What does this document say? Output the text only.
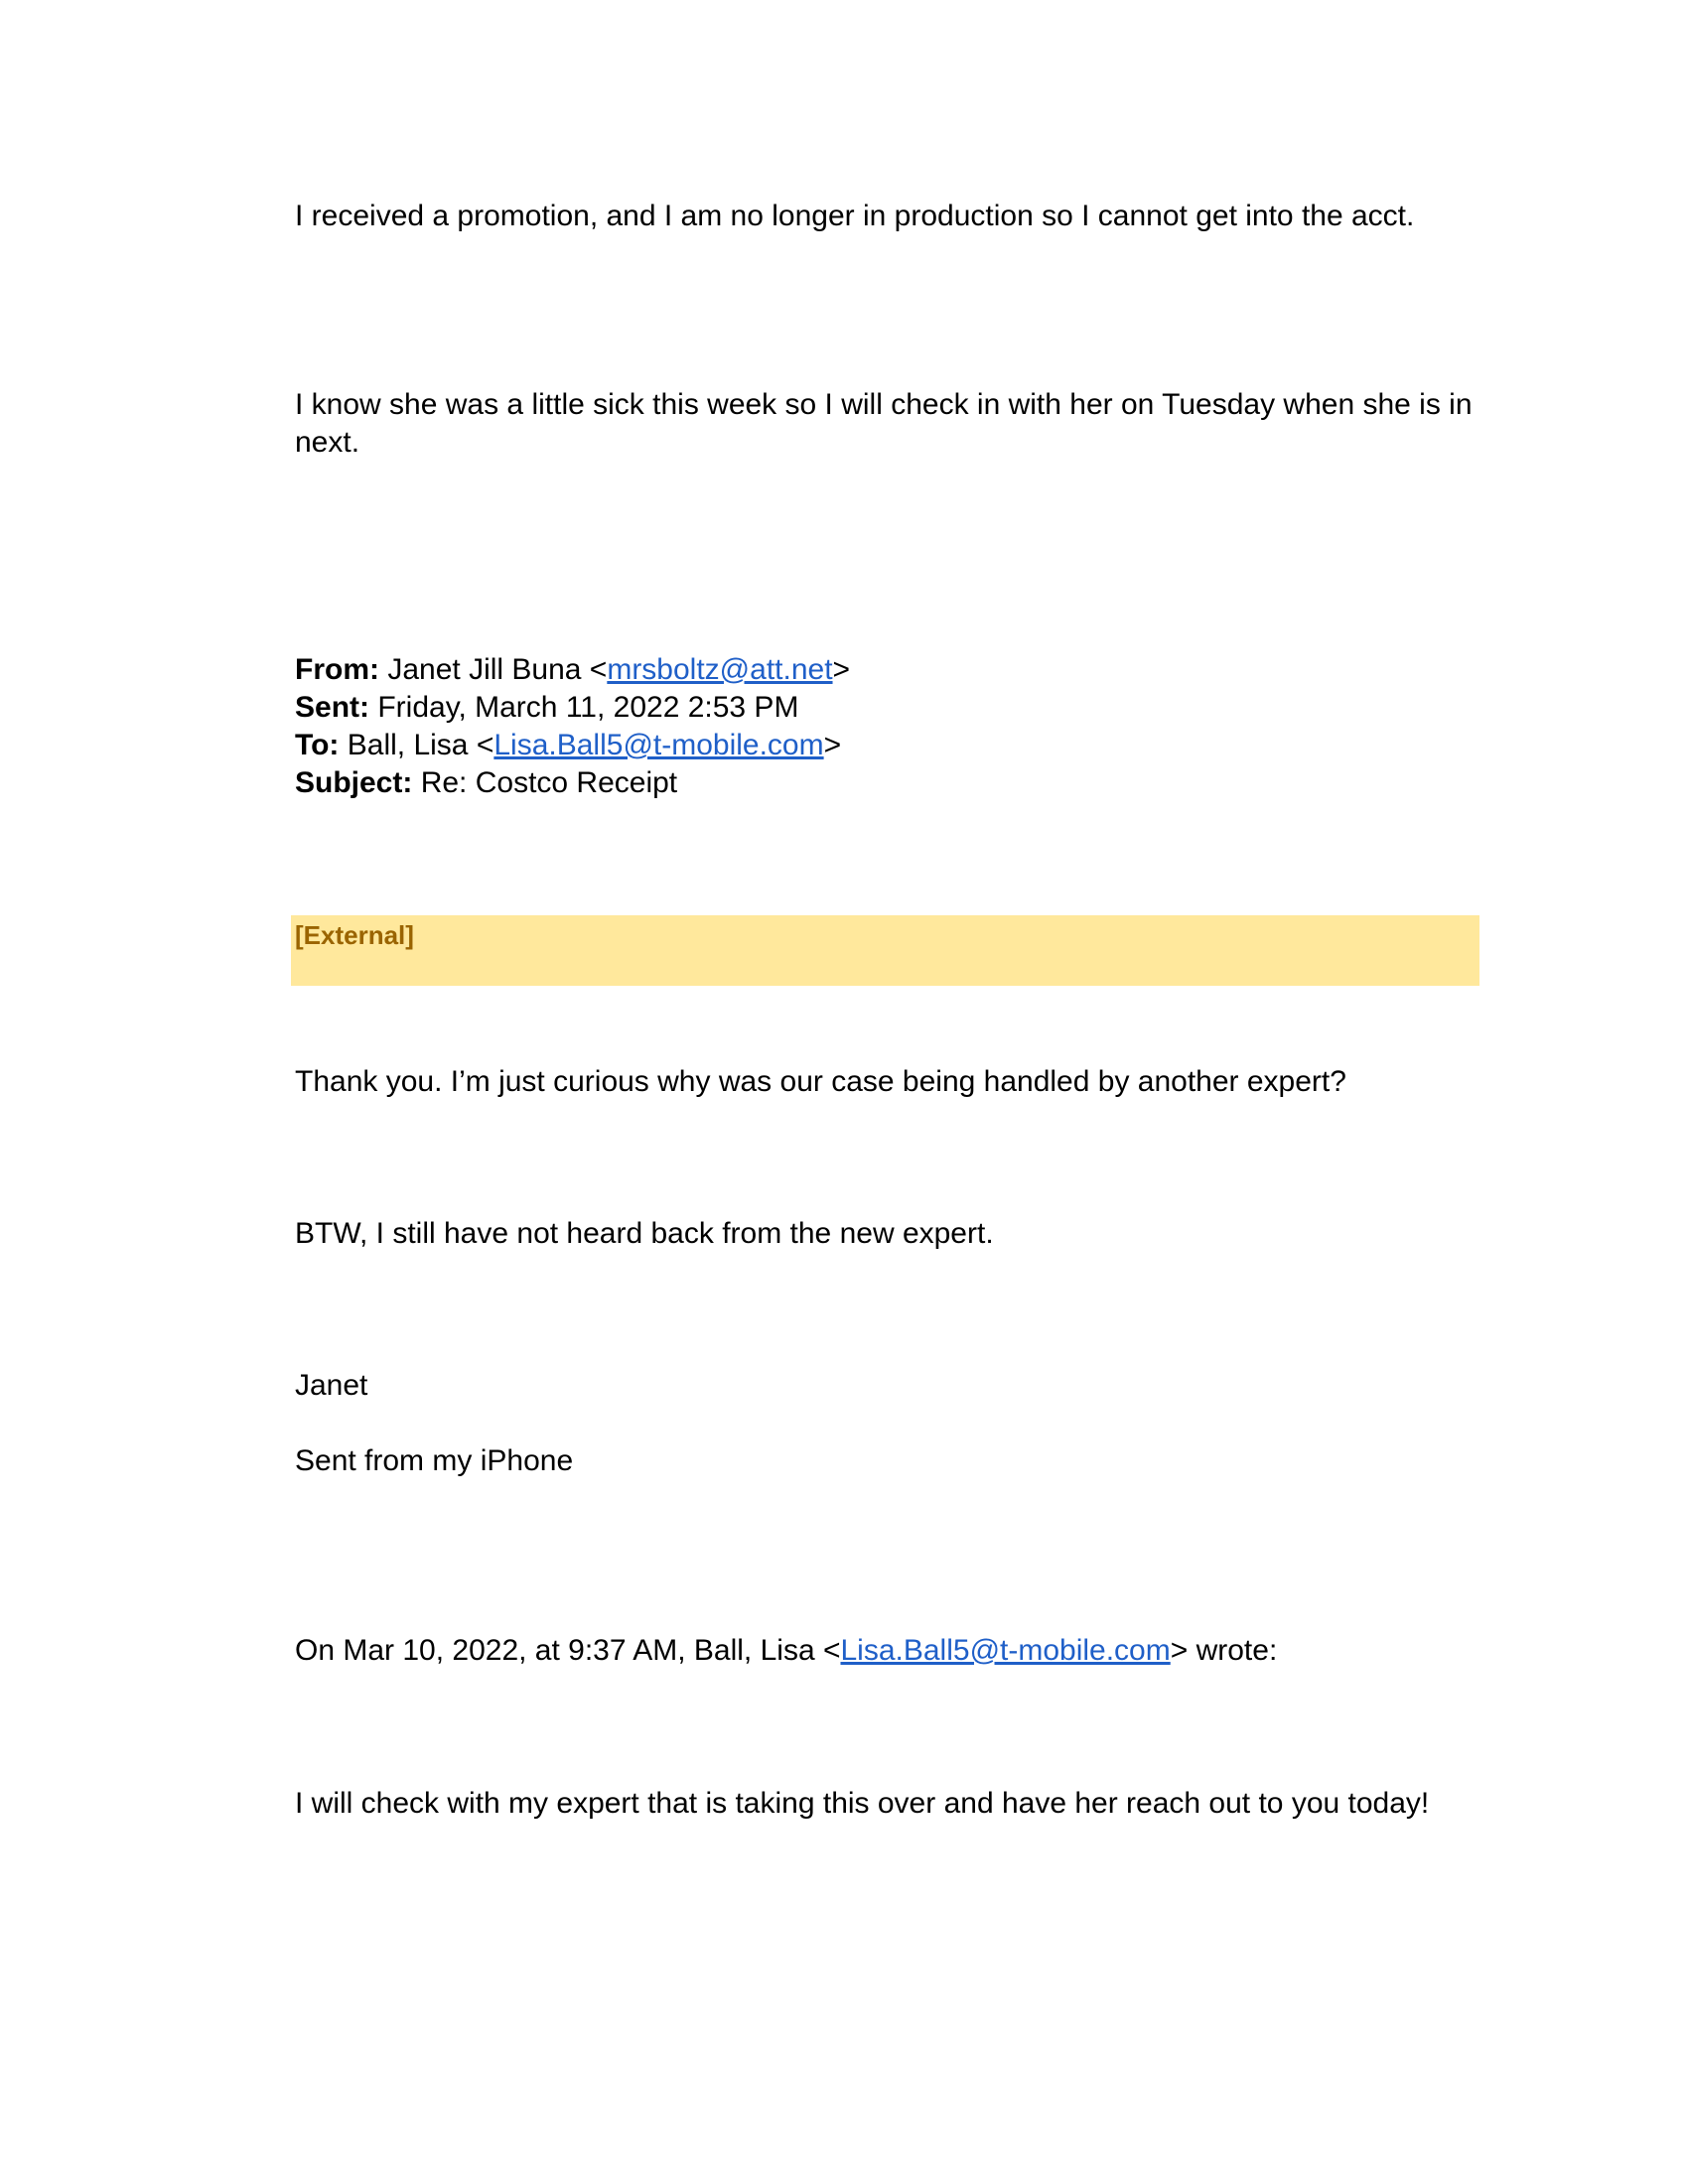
I received a promotion, and I am no longer in production so I cannot get into the acct.

I know she was a little sick this week so I will check in with her on Tuesday when she is in next.

From: Janet Jill Buna <mrsboltz@att.net>

Sent: Friday, March 11, 2022 2:53 PM

To: Ball, Lisa <Lisa.Ball5@t-mobile.com>

Subject: Re: Costco Receipt

[External]

Thank you. I’m just curious why was our case being handled by another expert?

BTW, I still have not heard back from the new expert.

Janet

Sent from my iPhone

On Mar 10, 2022, at 9:37 AM, Ball, Lisa <Lisa.Ball5@t-mobile.com> wrote:

I will check with my expert that is taking this over and have her reach out to you today!
